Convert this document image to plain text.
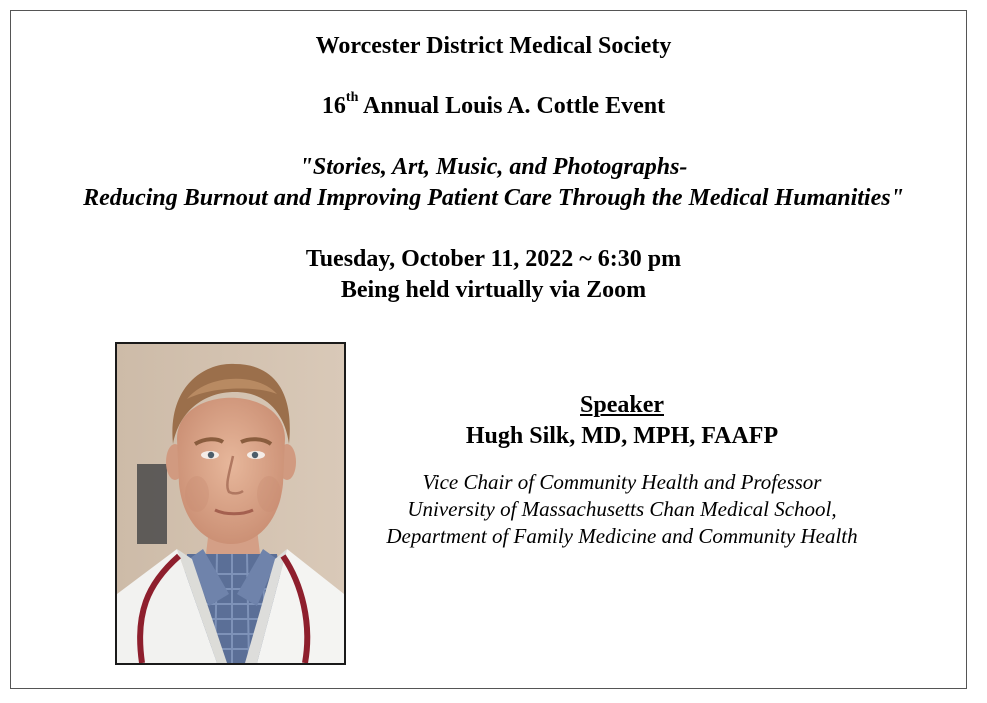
Worcester District Medical Society
16th Annual Louis A. Cottle Event
"Stories, Art, Music, and Photographs-
Reducing Burnout and Improving Patient Care Through the Medical Humanities"
Tuesday, October 11, 2022 ~ 6:30 pm
Being held virtually via Zoom
Speaker
Hugh Silk, MD, MPH, FAAFP
Vice Chair of Community Health and Professor
University of Massachusetts Chan Medical School,
Department of Family Medicine and Community Health
